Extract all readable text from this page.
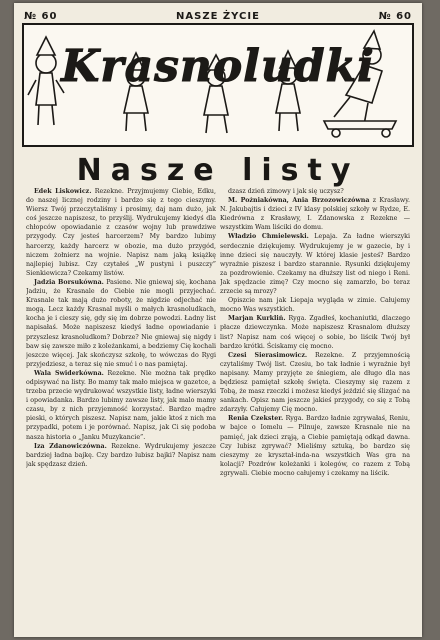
№ 60	NASZE ŻYCIE	№ 60
Krasnoludki
Nasze listy

Edek Liskowicz. Rezekne. Przyjmujemy Ciebie, Edku, do naszej licznej rodziny i bardzo się z tego cieszymy. Wiersz Twój przeczytaliśmy i prosimy, daj nam dużo, jak coś jeszcze napiszesz, to przyślij. Wydrukujemy kiedyś dla chłopców opowiadanie z czasów wojny lub prawdziwe przygody. Czy jesteś harcerzem? My bardzo lubimy harcerzy, każdy harcerz w obozie, ma dużo przygód, niczem żołnierz na wojnie. Napisz nam jaką książkę najlepiej lubisz. Czy czytałeś „W pustyni i puszczy” Sienkiewicza? Czekamy listów.

Jadzia Borsukówna. Pasiene. Nie gniewaj się, kochana Jadziu, że Krasnale do Ciebie nie mogli przyjechać. Krasnale tak mają dużo roboty, że nigdzie odjechać nie mogą. Lecz każdy Krasnal myśli o małych krasnoludkach, kocha je i cieszy się, gdy się im dobrze powodzi. Ładny list napisałaś. Może napiszesz kiedyś ładne opowiadanie i przyszlesz krasnoludkom? Dobrze? Nie gniewaj się nigdy i baw się zawsze miło z koleżankami, a bedziemy Cię kochali jeszcze więcej. Jak skończysz szkołę, to wówczas do Rygi przyjedziesz, a teraz się nie smuć i o nas pamiętaj.

Wala Swiderkówna. Rezekne. Nie można tak prędko odpisywać na listy. Bo mamy tak mało miejsca w gazetce, a trzeba przecie wydrukować wszystkie listy, ładne wierszyki i opowiadanka. Bardzo lubimy zawsze listy, jak malo mamy czasu, by z nich przyjemność korzystać. Bardzo mądre pieski, o których piszesz. Napisz nam, jakie ktoś z nich ma przypadki, potem i je porównać. Napisz, jak Ci się podoba nasza historia o „Janku Muzykancie”.

Iza Zdanowiczówna. Rezekne. Wydrukujemy jeszcze bardziej ładna bajkę. Czy bardzo lubisz bajki? Napisz nam jak spędzasz dzień.

dzasz dzień zimowy i jak się uczysz?

M. Pożniakówna, Ania Brzozowiczówna z Krasławy. N. Jakubajtis i dzieci z IV klasy polskiej szkoły w Rydze, E. Kiedrówna z Krasławy, I. Zdanowska z Rezekne — wszystkim Wam liściki do domu.

Władzio Chmielewski. Lepaja. Za ładne wierszyki serdecznie dziękujemy. Wydrukujemy je w gazecie, by i inne dzieci się nauczyły. W której klasie jesteś? Bardzo wyraźnie piszesz i bardzo starannie. Rysunki dziękujemy za pozdrowienie. Czekamy na dłuższy list od niego i Reni. Jak spędzacie zimę? Czy mocno się zamarzło, bo teraz zrzecie są mrozy?

Opiszcie nam jak Liepaja wygląda w zimie. Całujemy mocno Was wszystkich.

Marjan Kurkliń. Ryga. Zgadłeś, kochaniutki, dlaczego płacze dziewczynka. Może napiszesz Krasnalom dłuższy list? Napisz nam coś więcej o sobie, bo liścik Twój był bardzo krótki. Ściskamy cię mocno.

Czesi Sierasimowicz. Rezekne. Z przyjemnością czytaliśmy Twój list. Czesiu, bo tak ładnie i wyraźnie był napisany. Mamy przyjęte ze śniegiem, ale długo dla nas będziesz pamiętał szkołę święta. Cieszymy się razem z Tobą, że masz rzeczki i możesz kiedyś jeździć się ślizgać na sankach. Opisz nam jeszcze jakieś przygody, co się z Tobą zdarzyły. Całujemy Cię mocno.

Renia Czekster. Ryga. Bardzo ładnie zgrywałaś, Reniu, w bajce o Iomelu — Pilnuje, zawsze Krasnale nie na pamięć, jak dzieci zrąją, a Ciebie pamiętają odkąd dawna. Czy lubisz zgrywać? Mieliśmy sztuką, bo bardzo się cieszymy ze kryształ-inda-na wszystkich Was gra na kolacji? Pozdrów koleżanki i kolegów, co razem z Tobą zgrywali. Ciebie mocno całujemy i czekamy na liścik.
